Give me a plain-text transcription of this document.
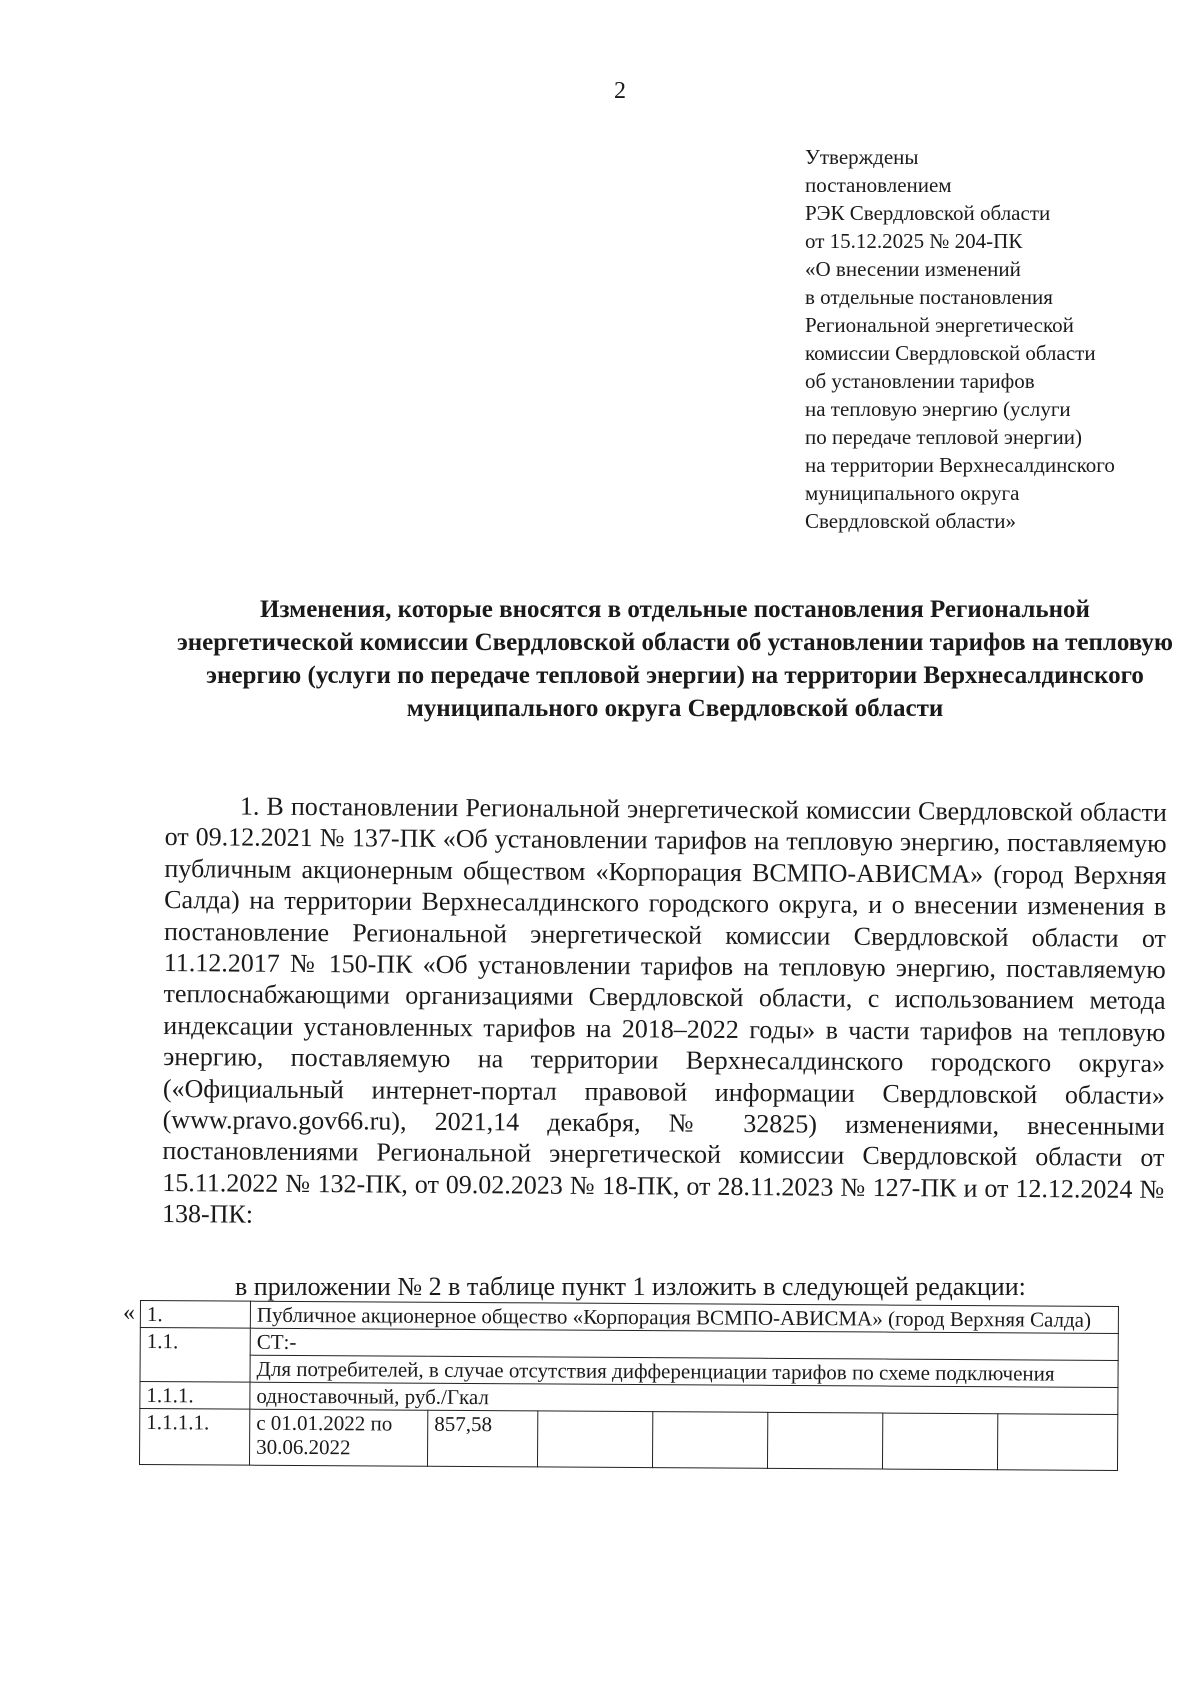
2
Утверждены
постановлением
РЭК Свердловской области
от 15.12.2025 № 204-ПК
«О внесении изменений
в отдельные постановления
Региональной энергетической
комиссии Свердловской области
об установлении тарифов
на тепловую энергию (услуги
по передаче тепловой энергии)
на территории Верхнесалдинского
муниципального округа
Свердловской области»
Изменения, которые вносятся в отдельные постановления Региональной энергетической комиссии Свердловской области об установлении тарифов на тепловую энергию (услуги по передаче тепловой энергии) на территории Верхнесалдинского муниципального округа Свердловской области

1. В постановлении Региональной энергетической комиссии Свердловской области от 09.12.2021 № 137-ПК «Об установлении тарифов на тепловую энергию, поставляемую публичным акционерным обществом «Корпорация ВСМПО-АВИСМА» (город Верхняя Салда) на территории Верхнесалдинского городского округа, и о внесении изменения в постановление Региональной энергетической комиссии Свердловской области от 11.12.2017 № 150-ПК «Об установлении тарифов на тепловую энергию, поставляемую теплоснабжающими организациями Свердловской области, с использованием метода индексации установленных тарифов на 2018–2022 годы» в части тарифов на тепловую энергию, поставляемую на территории Верхнесалдинского городского округа» («Официальный интернет-портал правовой информации Свердловской области» (www.pravo.gov66.ru), 2021,14 декабря, № 32825) изменениями, внесенными постановлениями Региональной энергетической комиссии Свердловской области от 15.11.2022 № 132-ПК, от 09.02.2023 № 18-ПК, от 28.11.2023 № 127-ПК и от 12.12.2024 № 138-ПК:

в приложении № 2 в таблице пункт 1 изложить в следующей редакции:
« 1.	Публичное акционерное общество «Корпорация ВСМПО-АВИСМА» (город Верхняя Салда)						
1.1.	СТ:-						
	Для потребителей, в случае отсутствия дифференциации тарифов по схеме подключения						
1.1.1.	одноставочный, руб./Гкал						
1.1.1.1.	с 01.01.2022 по 30.06.2022	857,58					
